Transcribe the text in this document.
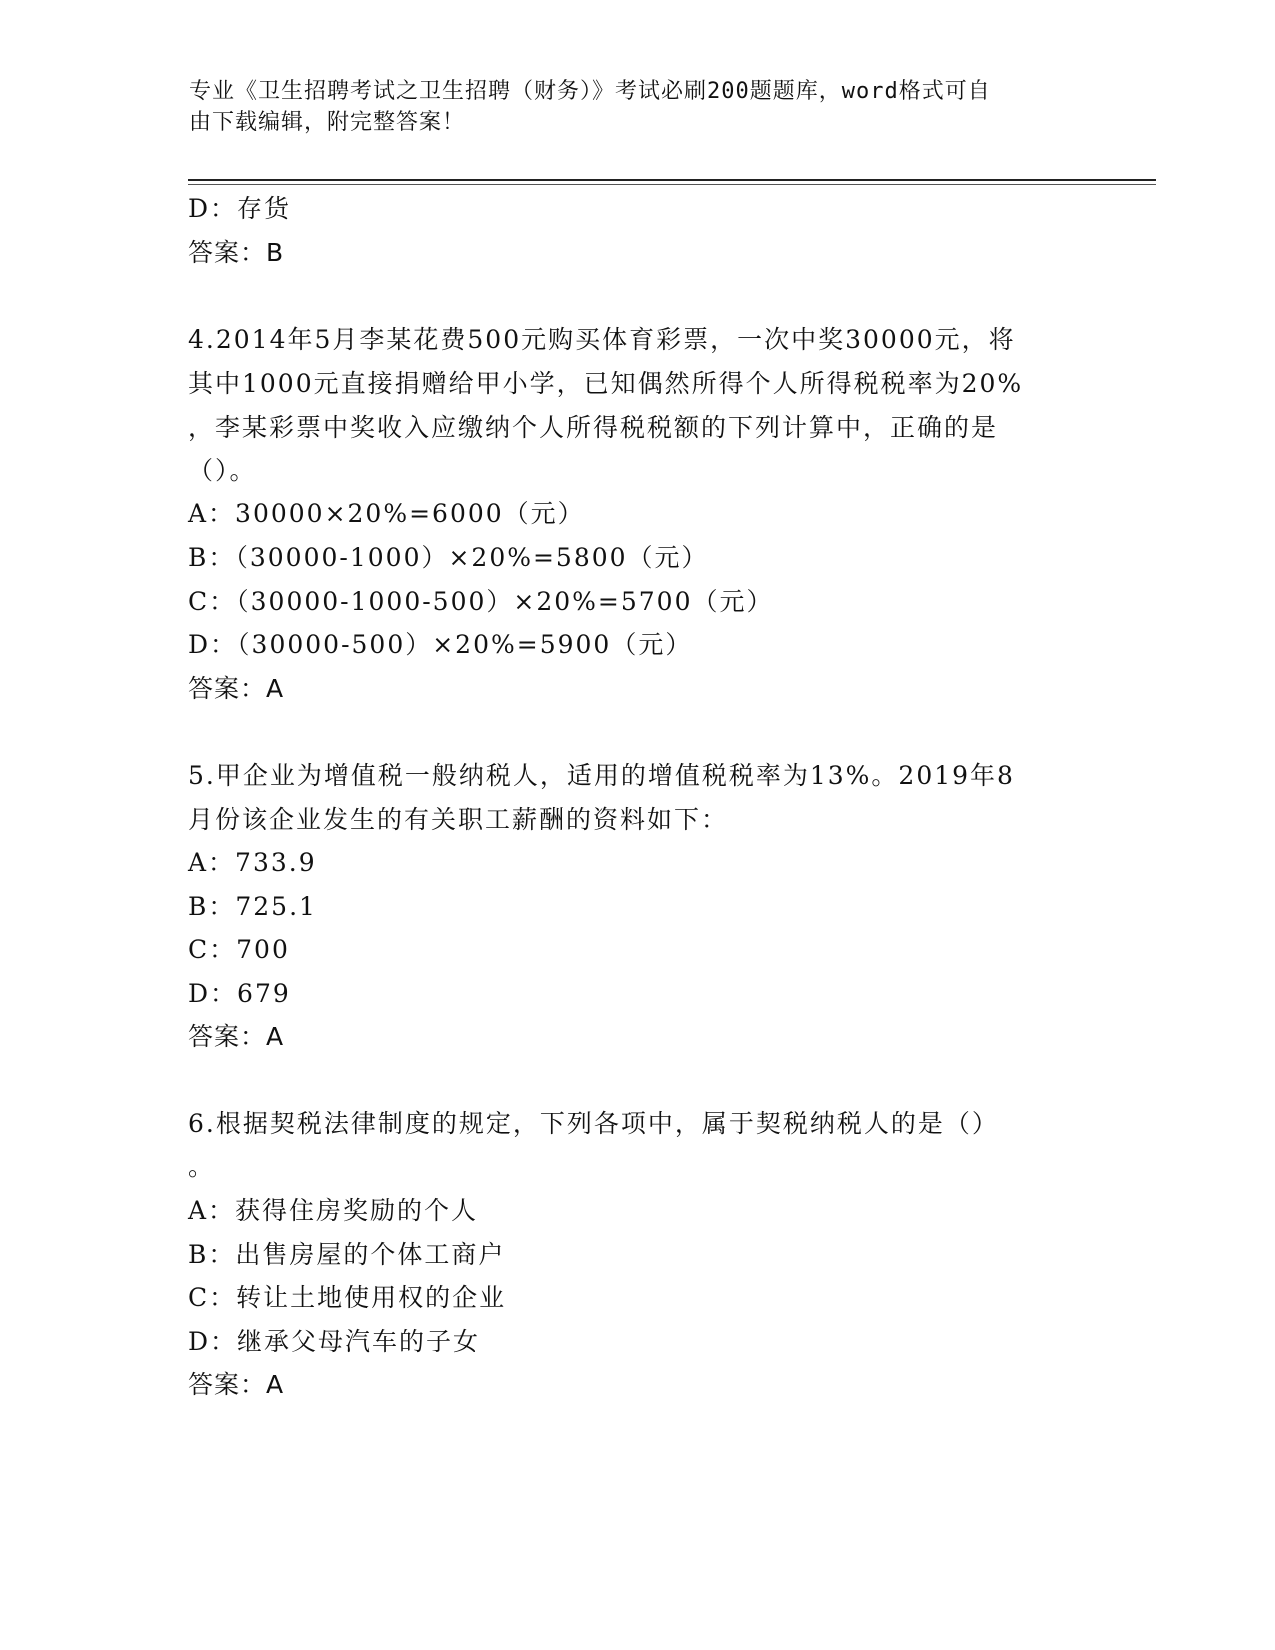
专业《卫生招聘考试之卫生招聘（财务）》考试必刷200题题库，word格式可自
由下载编辑，附完整答案！
D：存货
答案：B
4.2014年5月李某花费500元购买体育彩票，一次中奖30000元，将
其中1000元直接捐赠给甲小学，已知偶然所得个人所得税税率为20%
，李某彩票中奖收入应缴纳个人所得税税额的下列计算中，正确的是
（）。
A：30000×20%=6000（元）
B：（30000-1000）×20%=5800（元）
C：（30000-1000-500）×20%=5700（元）
D：（30000-500）×20%=5900（元）
答案：A
5.甲企业为增值税一般纳税人，适用的增值税税率为13%。2019年8
月份该企业发生的有关职工薪酬的资料如下：
A：733.9
B：725.1
C：700
D：679
答案：A
6.根据契税法律制度的规定，下列各项中，属于契税纳税人的是（）
。
A：获得住房奖励的个人
B：出售房屋的个体工商户
C：转让土地使用权的企业
D：继承父母汽车的子女
答案：A
